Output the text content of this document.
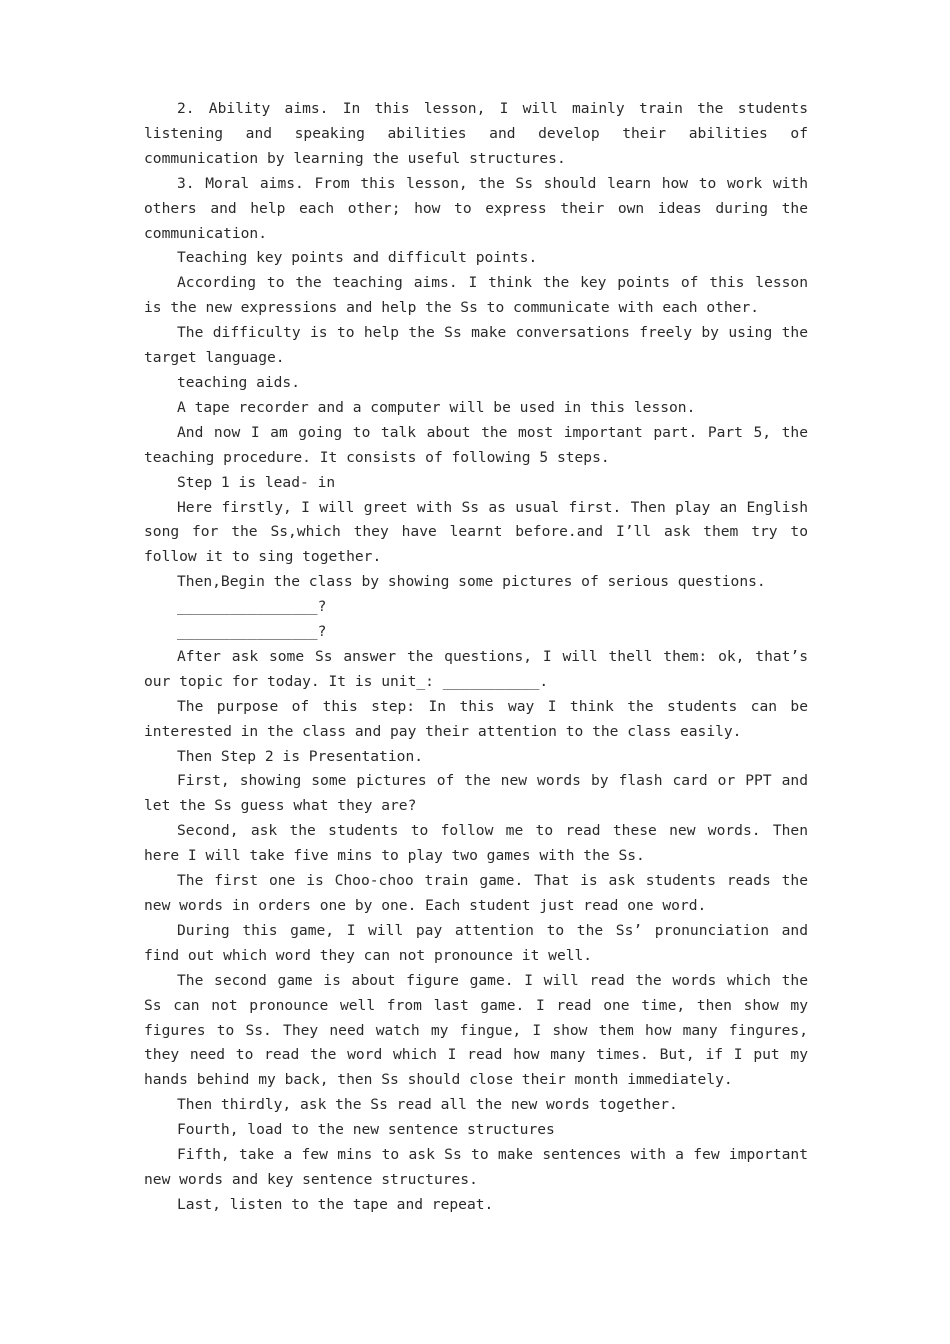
2. Ability aims. In this lesson, I will mainly train the students listening and speaking abilities and develop their abilities of communication by learning the useful structures.

3. Moral aims. From this lesson, the Ss should learn how to work with others and help each other; how to express their own ideas during the communication.

Teaching key points and difficult points.

According to the teaching aims. I think the key points of this lesson is the new expressions and help the Ss to communicate with each other.

The difficulty is to help the Ss make conversations freely by using the target language.

teaching aids.

A tape recorder and a computer will be used in this lesson.

And now I am going to talk about the most important part. Part 5, the teaching procedure. It consists of following 5 steps.

Step 1 is lead- in

Here firstly, I will greet with Ss as usual first. Then play an English song for the Ss,which they have learnt before.and I’ll ask them try to follow it to sing together.

Then,Begin the class by showing some pictures of serious questions.

________________?

________________?

After ask some Ss answer the questions, I will thell them: ok, that’s our topic for today. It is unit_: ___________.

The purpose of this step: In this way I think the students can be interested in the class and pay their attention to the class easily.

Then Step 2 is Presentation.

First, showing some pictures of the new words by flash card or PPT and let the Ss guess what they are?

Second, ask the students to follow me to read these new words. Then here I will take five mins to play two games with the Ss.

The first one is Choo-choo train game. That is ask students reads the new words in orders one by one. Each student just read one word.

During this game, I will pay attention to the Ss’ pronunciation and find out which word they can not pronounce it well.

The second game is about figure game. I will read the words which the Ss can not pronounce well from last game. I read one time, then show my figures to Ss. They need watch my fingue, I show them how many fingures, they need to read the word which I read how many times. But, if I put my hands behind my back, then Ss should close their month immediately.

Then thirdly, ask the Ss read all the new words together.

Fourth, load to the new sentence structures

Fifth, take a few mins to ask Ss to make sentences with a few important new words and key sentence structures.

Last, listen to the tape and repeat.
